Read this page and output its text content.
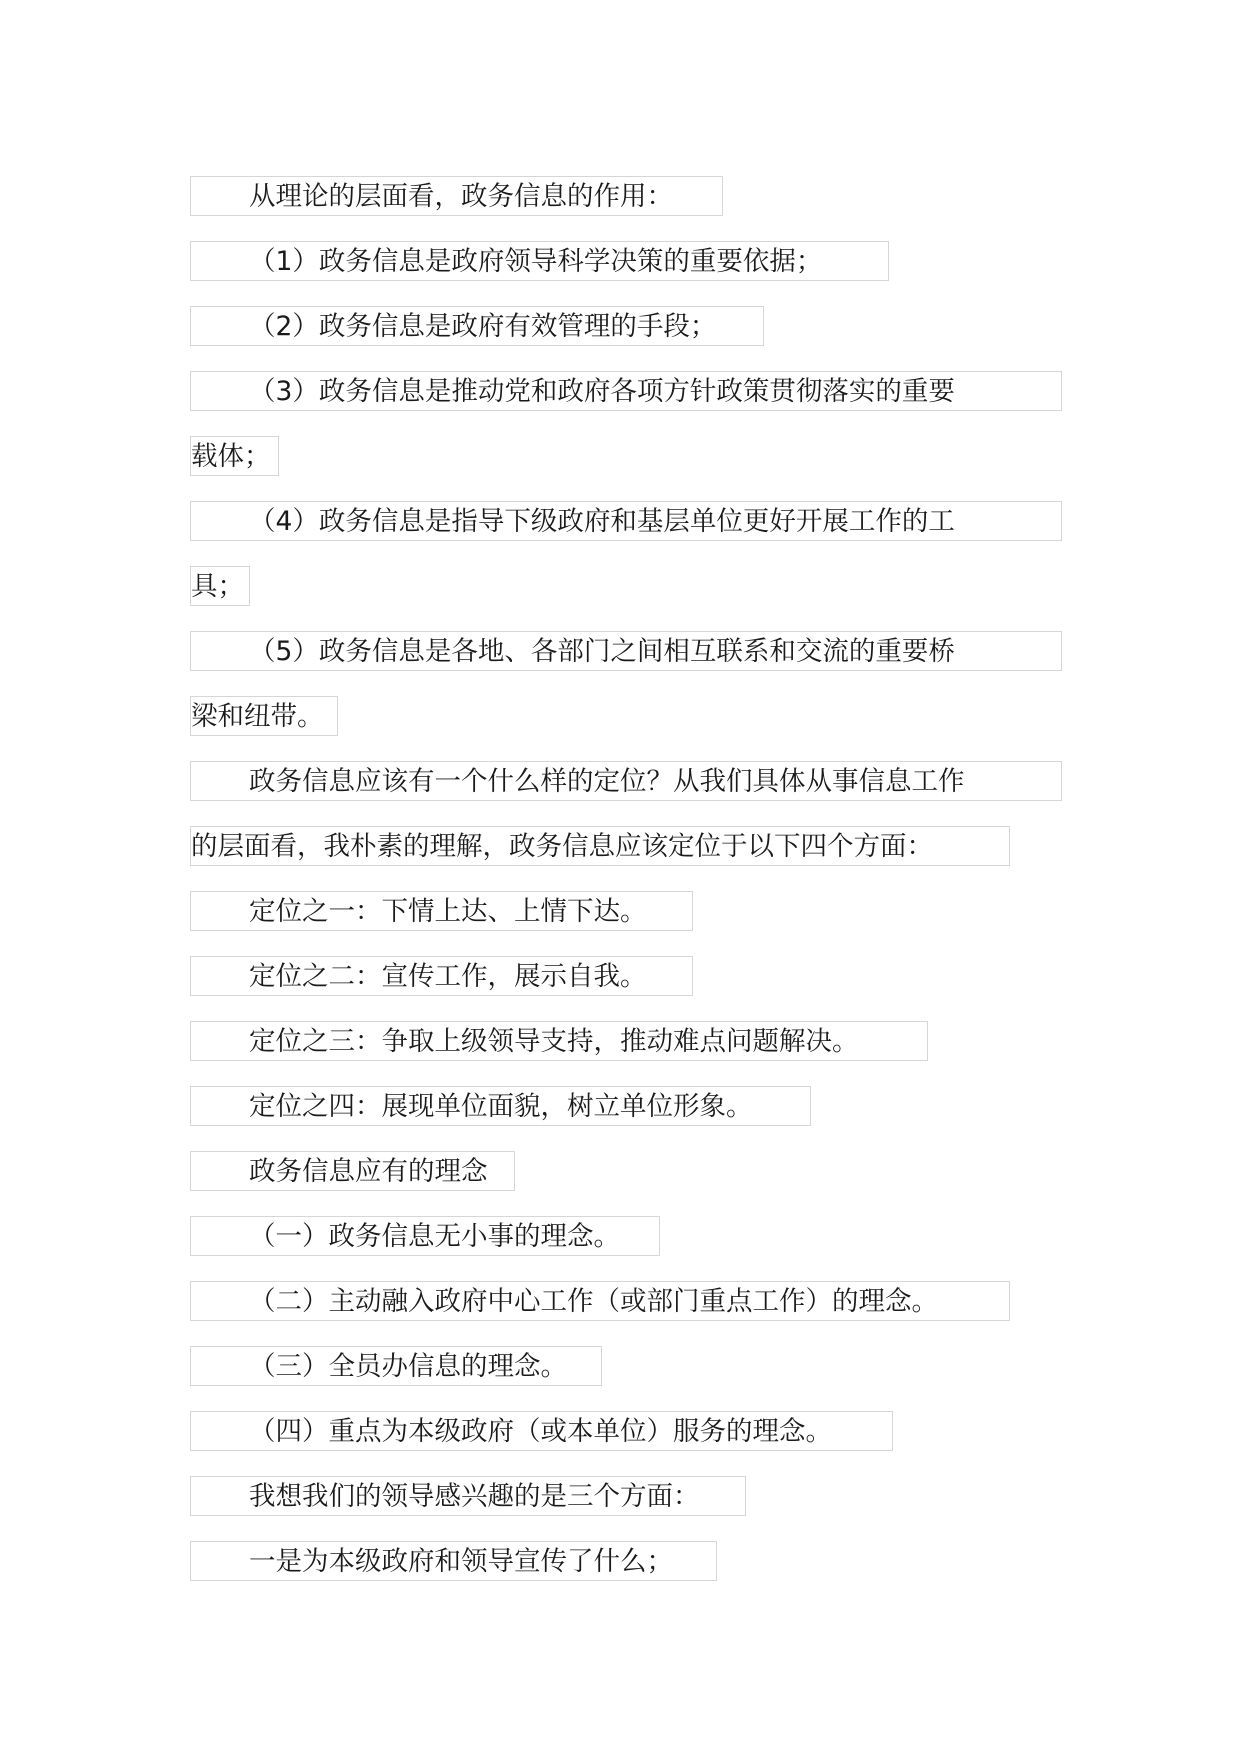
从理论的层面看，政务信息的作用：
（1）政务信息是政府领导科学决策的重要依据；
（2）政务信息是政府有效管理的手段；
（3）政务信息是推动党和政府各项方针政策贯彻落实的重要
载体；
（4）政务信息是指导下级政府和基层单位更好开展工作的工
具；
（5）政务信息是各地、各部门之间相互联系和交流的重要桥
梁和纽带。
政务信息应该有一个什么样的定位？从我们具体从事信息工作
的层面看，我朴素的理解，政务信息应该定位于以下四个方面：
定位之一：下情上达、上情下达。
定位之二：宣传工作，展示自我。
定位之三：争取上级领导支持，推动难点问题解决。
定位之四：展现单位面貌，树立单位形象。
政务信息应有的理念
（一）政务信息无小事的理念。
（二）主动融入政府中心工作（或部门重点工作）的理念。
（三）全员办信息的理念。
（四）重点为本级政府（或本单位）服务的理念。
我想我们的领导感兴趣的是三个方面：
一是为本级政府和领导宣传了什么；
